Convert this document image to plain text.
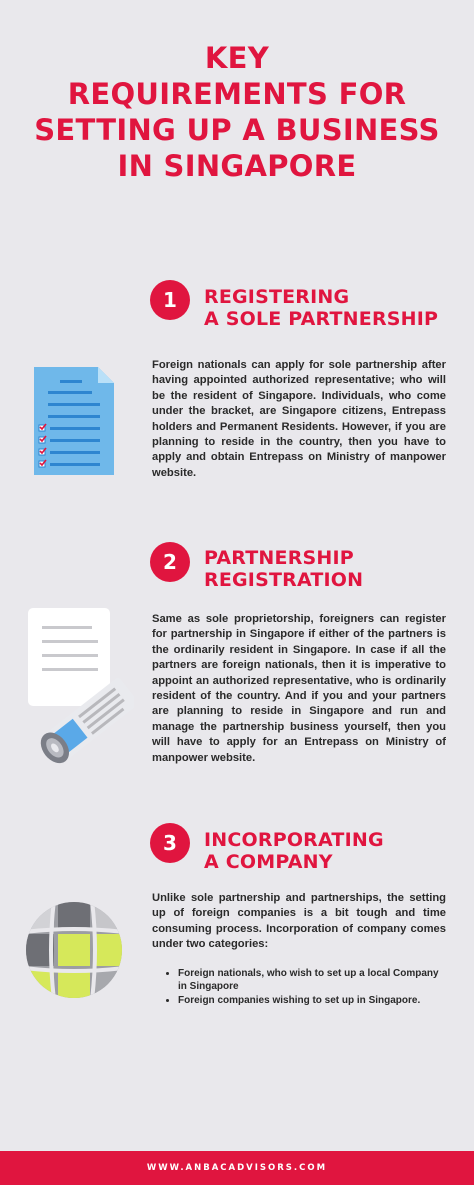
KEY
REQUIREMENTS FOR
SETTING UP A BUSINESS
IN SINGAPORE
1 REGISTERING
A SOLE PARTNERSHIP

Foreign nationals can apply for sole partnership after having appointed authorized representative; who will be the resident of Singapore. Individuals, who come under the bracket, are Singapore citizens, Entrepass holders and Permanent Residents. However, if you are planning to reside in the country, then you have to apply and obtain Entrepass on Ministry of manpower website.

2 PARTNERSHIP
REGISTRATION

Same as sole proprietorship, foreigners can register for partnership in Singapore if either of the partners is the ordinarily resident in Singapore. In case if all the partners are foreign nationals, then it is imperative to appoint an authorized representative, who is ordinarily resident of the country. And if you and your partners are planning to reside in Singapore and run and manage the partnership business yourself, then you will have to apply for an Entrepass on Ministry of manpower website.

3 INCORPORATING
A COMPANY

Unlike sole partnership and partnerships, the setting up of foreign companies is a bit tough and time consuming process. Incorporation of company comes under two categories:

• Foreign nationals, who wish to set up a local Company in Singapore
• Foreign companies wishing to set up in Singapore.
WWW.ANBACADVISORS.COM
